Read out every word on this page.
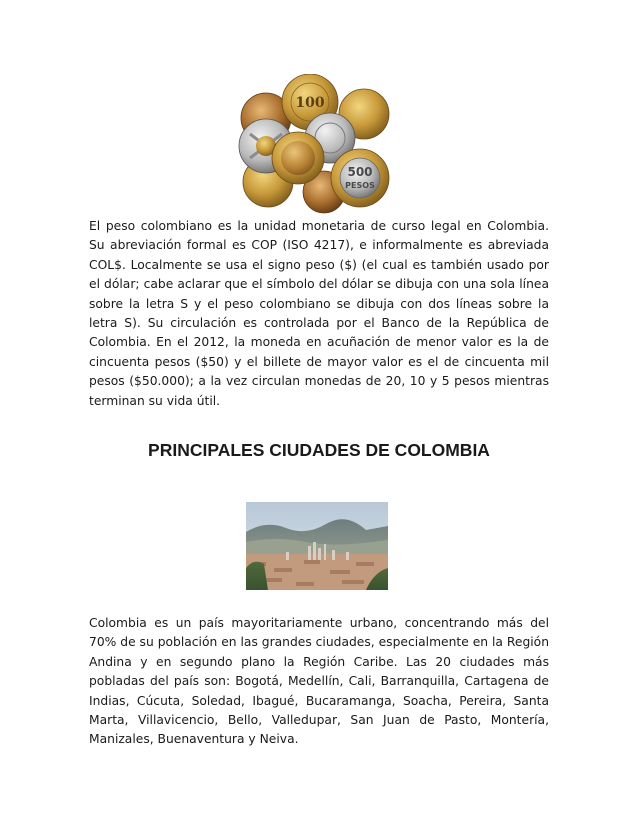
100
500
PESOS

El peso colombiano es la unidad monetaria de curso legal en Colombia. Su abreviación formal es COP (ISO 4217), e informalmente es abreviada COL$. Localmente se usa el signo peso ($) (el cual es también usado por el dólar; cabe aclarar que el símbolo del dólar se dibuja con una sola línea sobre la letra S y el peso colombiano se dibuja con dos líneas sobre la letra S). Su circulación es controlada por el Banco de la República de Colombia. En el 2012, la moneda en acuñación de menor valor es la de cincuenta pesos ($50) y el billete de mayor valor es el de cincuenta mil pesos ($50.000); a la vez circulan monedas de 20, 10 y 5 pesos mientras terminan su vida útil.

PRINCIPALES CIUDADES DE COLOMBIA

Colombia es un país mayoritariamente urbano, concentrando más del 70% de su población en las grandes ciudades, especialmente en la Región Andina y en segundo plano la Región Caribe. Las 20 ciudades más pobladas del país son: Bogotá, Medellín, Cali, Barranquilla, Cartagena de Indias, Cúcuta, Soledad, Ibagué, Bucaramanga, Soacha, Pereira, Santa Marta, Villavicencio, Bello, Valledupar, San Juan de Pasto, Montería, Manizales, Buenaventura y Neiva.
